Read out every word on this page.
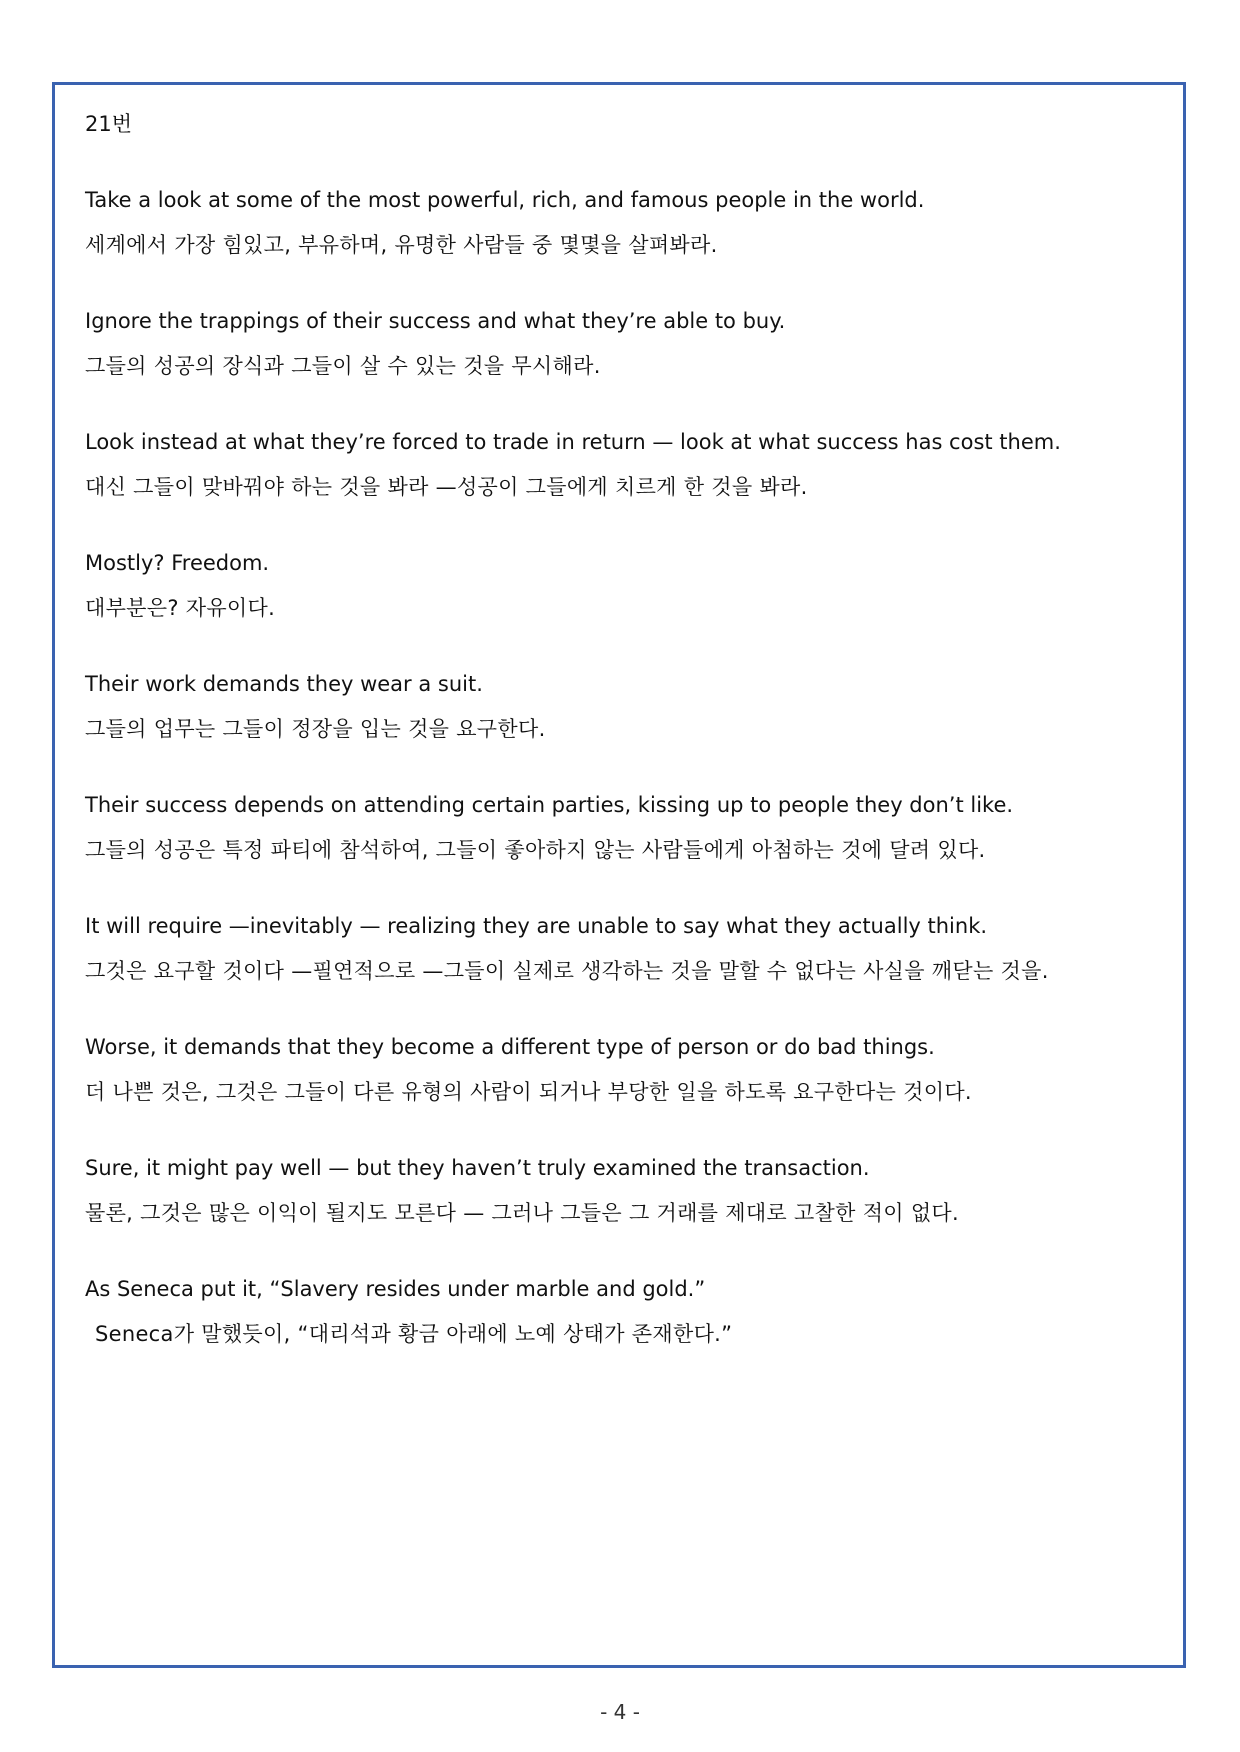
21번
Take a look at some of the most powerful, rich, and famous people in the world.
세계에서 가장 힘있고, 부유하며, 유명한 사람들 중 몇몇을 살펴봐라.
Ignore the trappings of their success and what they’re able to buy.
그들의 성공의 장식과 그들이 살 수 있는 것을 무시해라.
Look instead at what they’re forced to trade in return — look at what success has cost them.
대신 그들이 맞바꿔야 하는 것을 봐라 —성공이 그들에게 치르게 한 것을 봐라.
Mostly? Freedom.
대부분은? 자유이다.
Their work demands they wear a suit.
그들의 업무는 그들이 정장을 입는 것을 요구한다.
Their success depends on attending certain parties, kissing up to people they don’t like.
그들의 성공은 특정 파티에 참석하여, 그들이 좋아하지 않는 사람들에게 아첨하는 것에 달려 있다.
It will require —inevitably — realizing they are unable to say what they actually think.
그것은 요구할 것이다 —필연적으로 —그들이 실제로 생각하는 것을 말할 수 없다는 사실을 깨닫는 것을.
Worse, it demands that they become a different type of person or do bad things.
더 나쁜 것은, 그것은 그들이 다른 유형의 사람이 되거나 부당한 일을 하도록 요구한다는 것이다.
Sure, it might pay well — but they haven’t truly examined the transaction.
물론, 그것은 많은 이익이 될지도 모른다 — 그러나 그들은 그 거래를 제대로 고찰한 적이 없다.
As Seneca put it, “Slavery resides under marble and gold.”
Seneca가 말했듯이, “대리석과 황금 아래에 노예 상태가 존재한다.”
- 4 -
